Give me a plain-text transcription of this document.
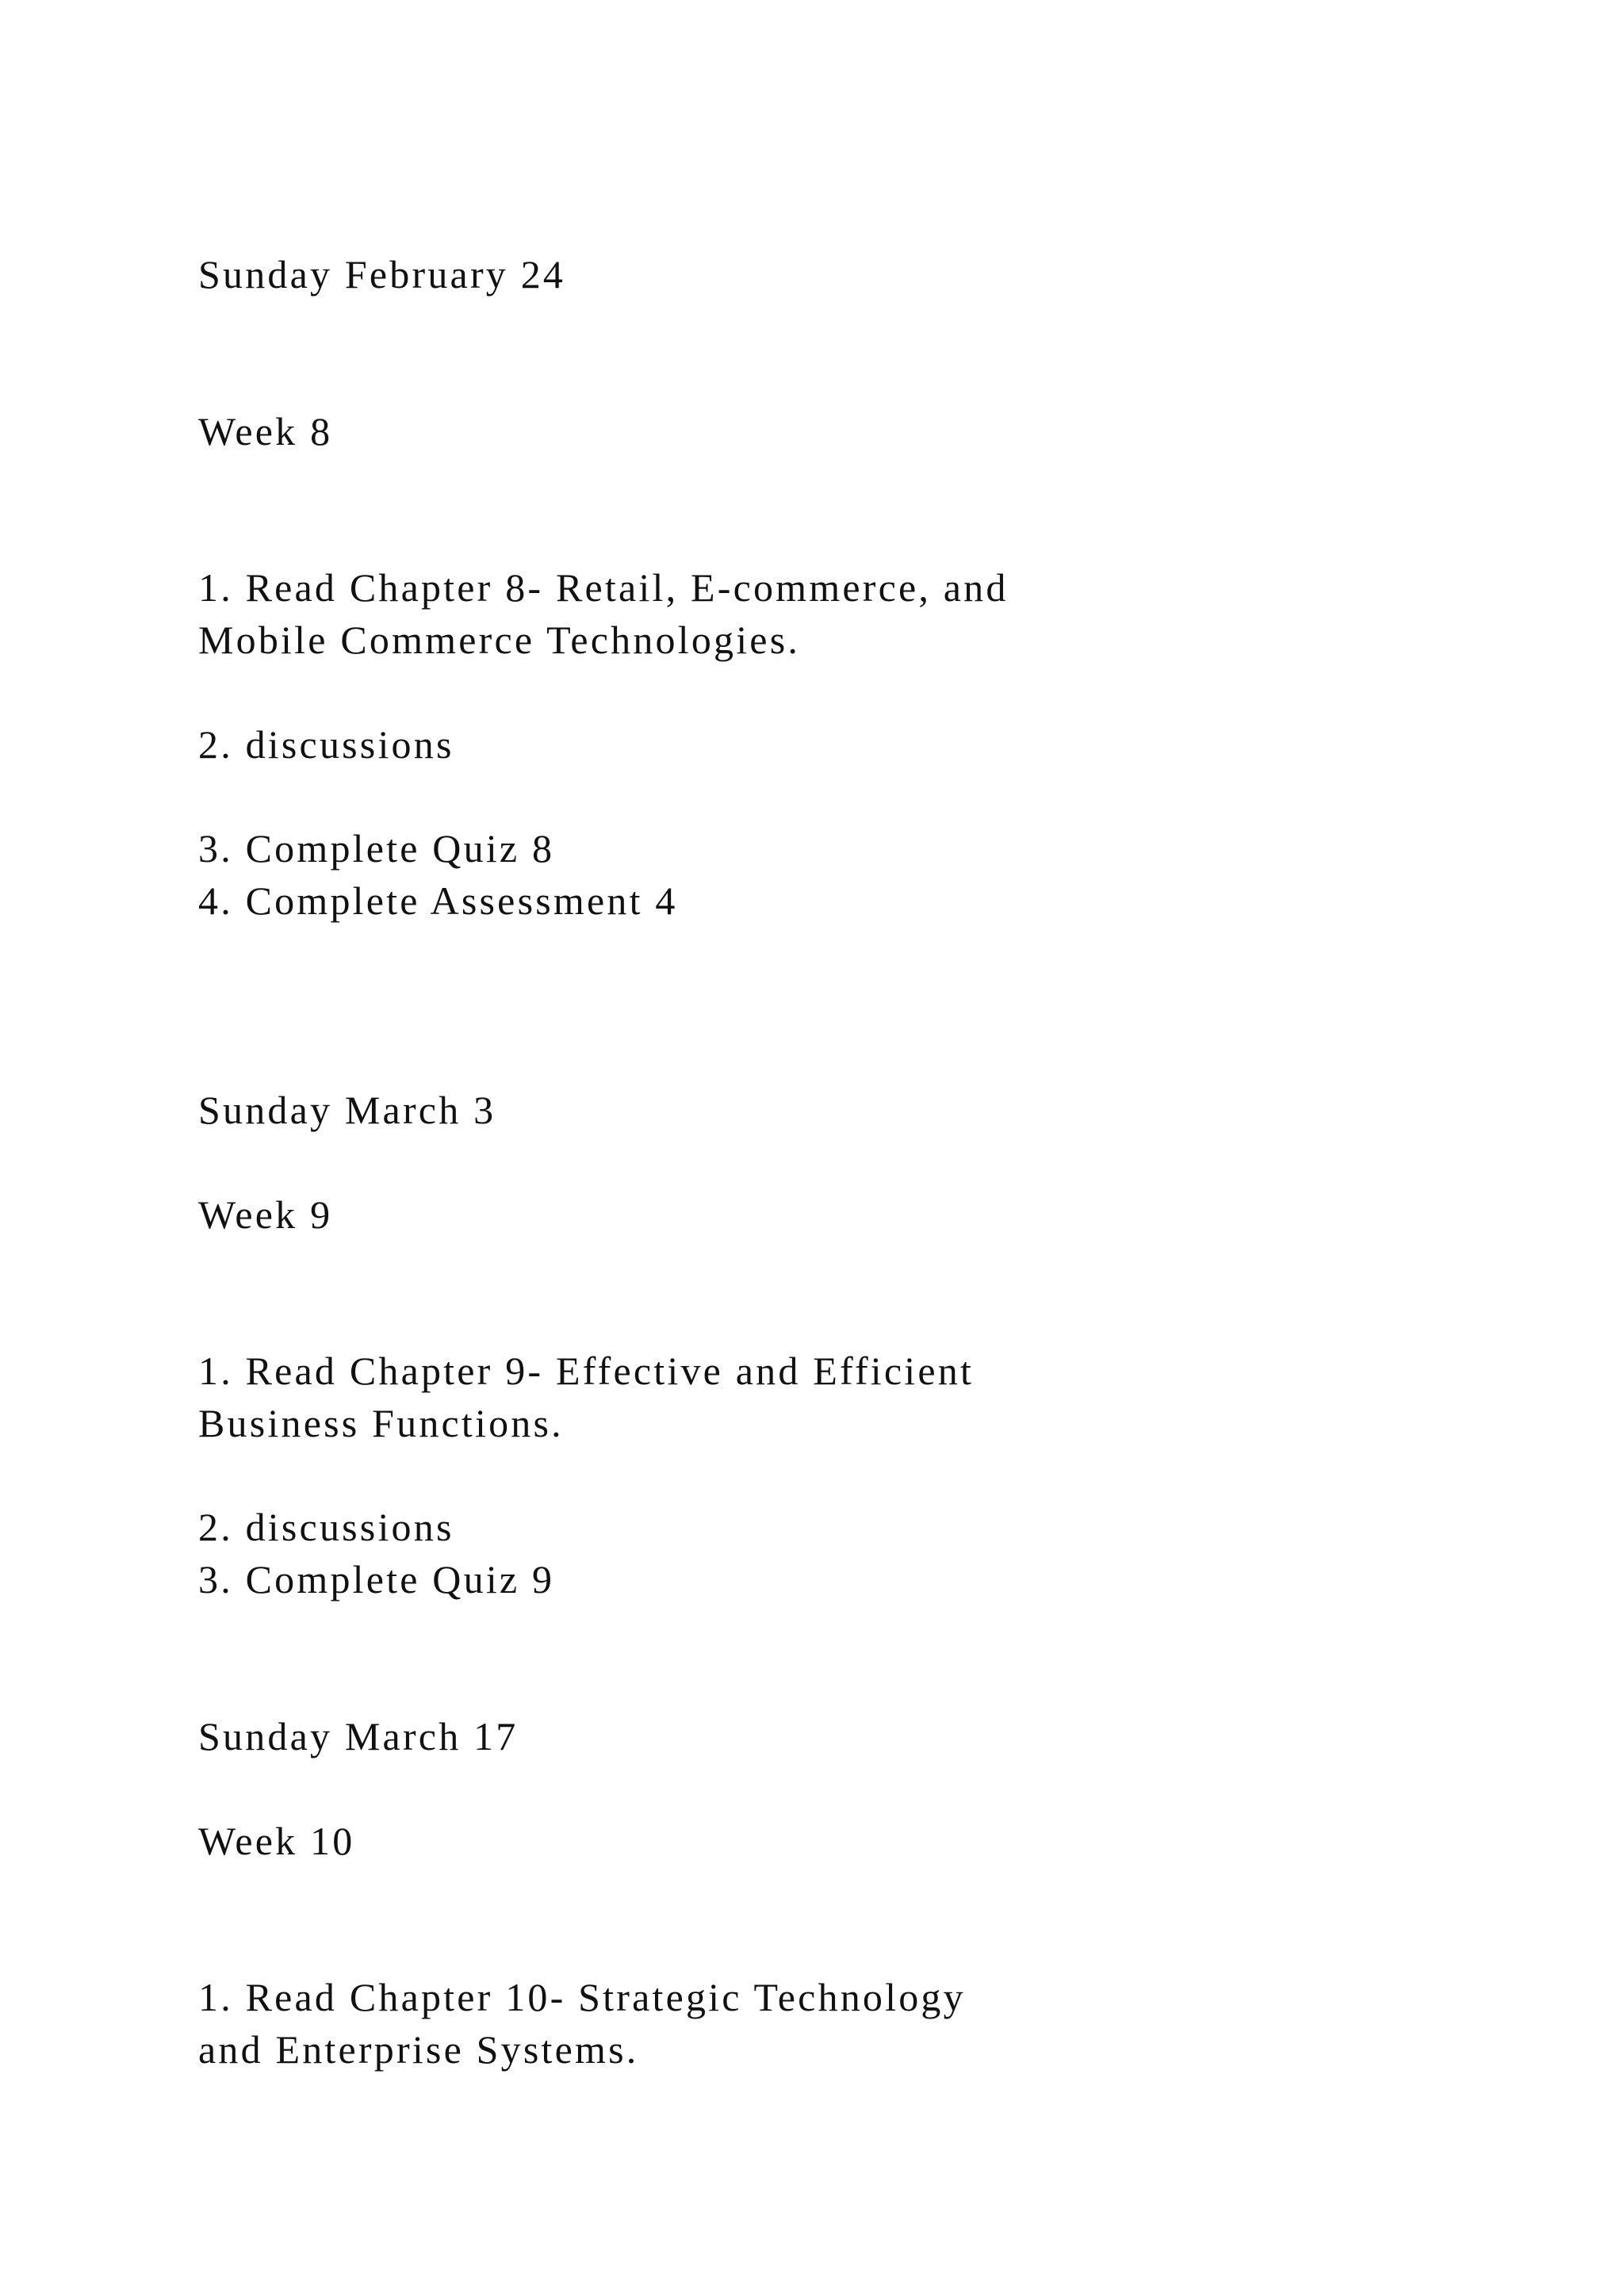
Sunday February 24

Week 8

1. Read Chapter 8- Retail, E-commerce, and

Mobile Commerce Technologies.

2. discussions

3. Complete Quiz 8

4. Complete Assessment 4

Sunday March 3

Week 9

1. Read Chapter 9- Effective and Efficient

Business Functions.

2. discussions

3. Complete Quiz 9

Sunday March 17

Week 10

1. Read Chapter 10- Strategic Technology

and Enterprise Systems.
